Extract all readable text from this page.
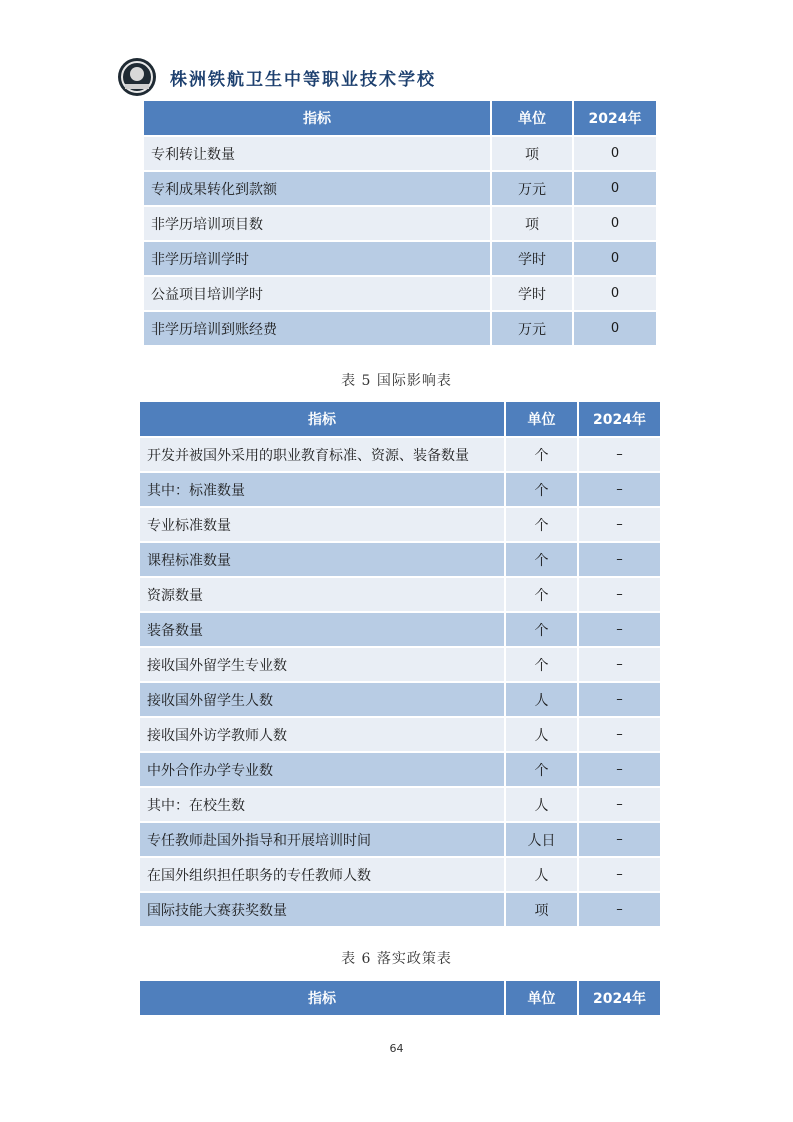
株洲铁航卫生中等职业技术学校
指标	单位	2024年
专利转让数量	项	0
专利成果转化到款额	万元	0
非学历培训项目数	项	0
非学历培训学时	学时	0
公益项目培训学时	学时	0
非学历培训到账经费	万元	0
表 5 国际影响表
指标	单位	2024年
开发并被国外采用的职业教育标准、资源、装备数量	个	–
其中：标准数量	个	–
专业标准数量	个	–
课程标准数量	个	–
资源数量	个	–
装备数量	个	–
接收国外留学生专业数	个	–
接收国外留学生人数	人	–
接收国外访学教师人数	人	–
中外合作办学专业数	个	–
其中：在校生数	人	–
专任教师赴国外指导和开展培训时间	人日	–
在国外组织担任职务的专任教师人数	人	–
国际技能大赛获奖数量	项	–
表 6 落实政策表
指标	单位	2024年
64
